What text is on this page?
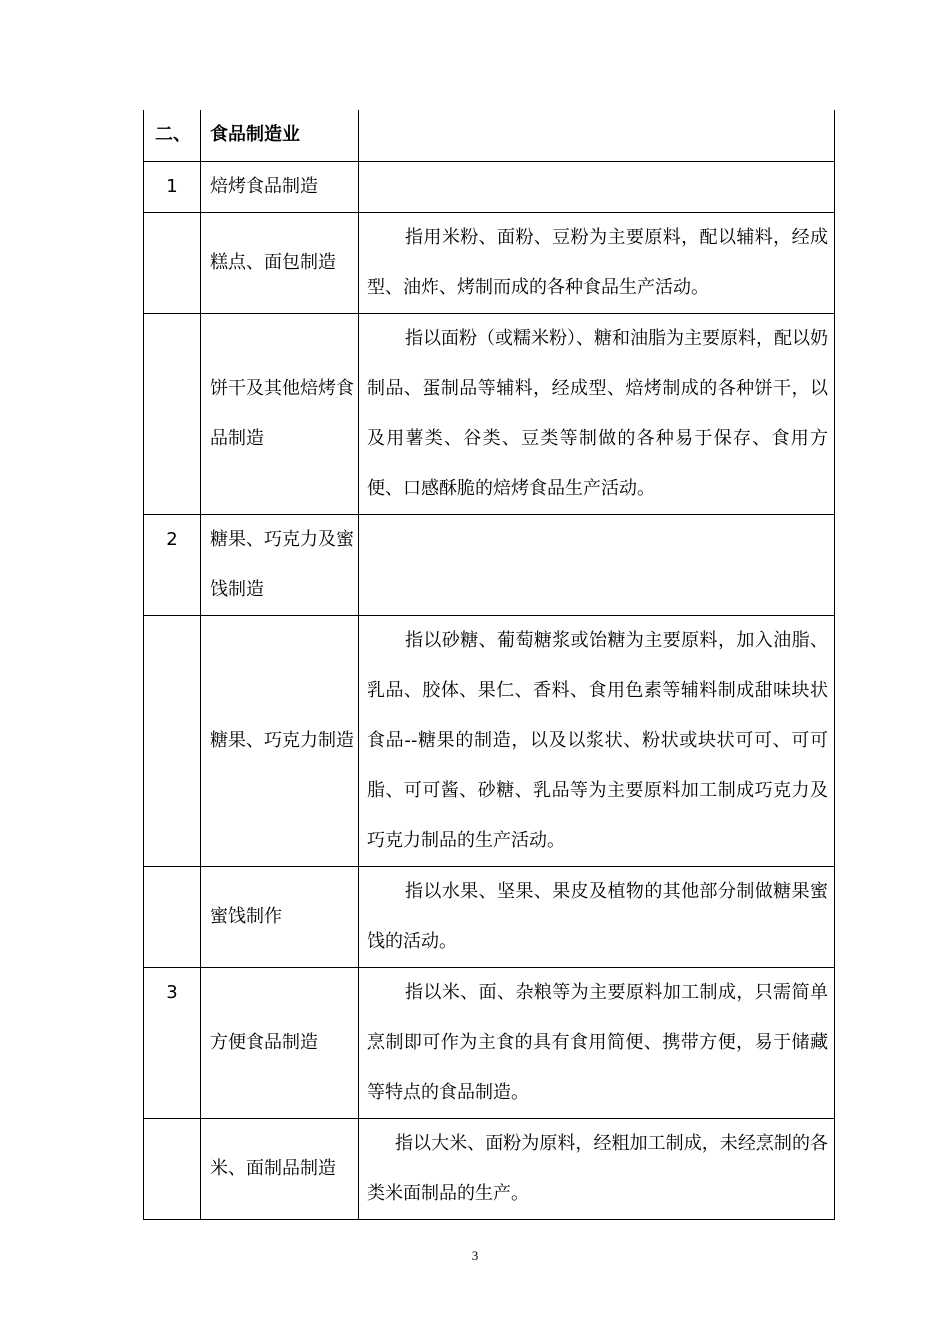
二、	食品制造业	
1	焙烤食品制造	
	糕点、面包制造	指用米粉、面粉、豆粉为主要原料，配以辅料，经成型、油炸、烤制而成的各种食品生产活动。
	饼干及其他焙烤食品制造	指以面粉（或糯米粉）、糖和油脂为主要原料，配以奶制品、蛋制品等辅料，经成型、焙烤制成的各种饼干，以及用薯类、谷类、豆类等制做的各种易于保存、食用方便、口感酥脆的焙烤食品生产活动。
2	糖果、巧克力及蜜饯制造	
	糖果、巧克力制造	指以砂糖、葡萄糖浆或饴糖为主要原料，加入油脂、乳品、胶体、果仁、香料、食用色素等辅料制成甜味块状食品--糖果的制造，以及以浆状、粉状或块状可可、可可脂、可可酱、砂糖、乳品等为主要原料加工制成巧克力及巧克力制品的生产活动。
	蜜饯制作	指以水果、坚果、果皮及植物的其他部分制做糖果蜜饯的活动。
3	方便食品制造	指以米、面、杂粮等为主要原料加工制成，只需简单烹制即可作为主食的具有食用简便、携带方便，易于储藏等特点的食品制造。
	米、面制品制造	指以大米、面粉为原料，经粗加工制成，未经烹制的各类米面制品的生产。
3
